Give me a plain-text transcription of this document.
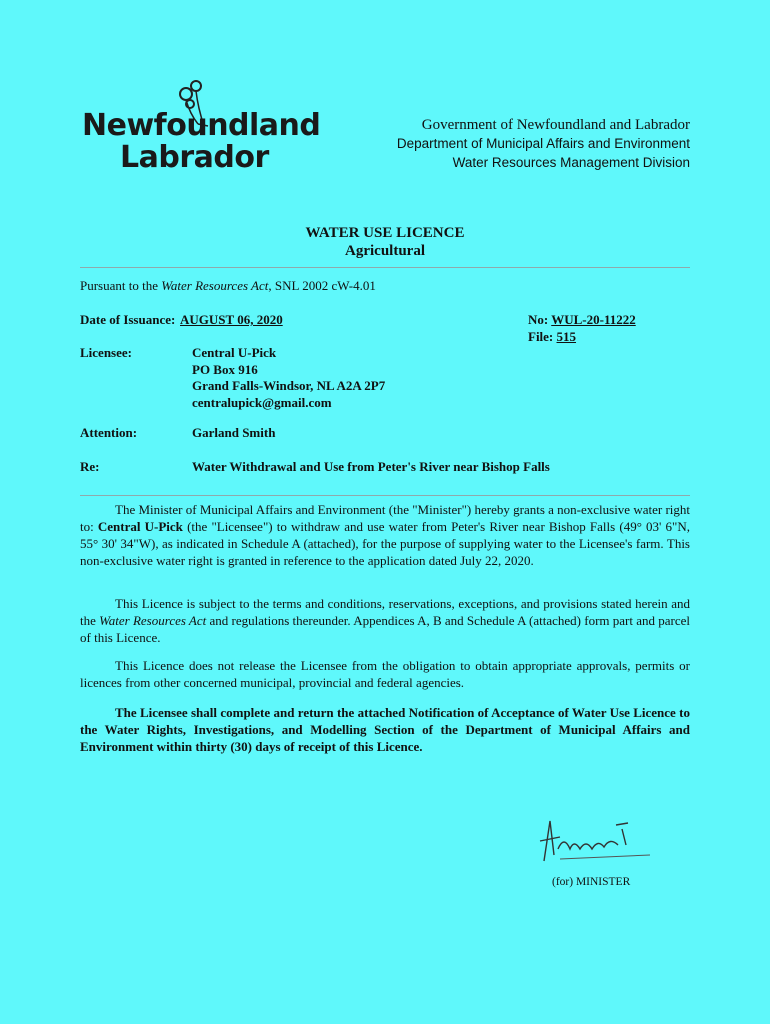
Newfoundland
Labrador
Government of Newfoundland and Labrador
Department of Municipal Affairs and Environment
Water Resources Management Division
WATER USE LICENCE
Agricultural
Pursuant to the Water Resources Act, SNL 2002 cW-4.01
Date of Issuance: AUGUST 06, 2020	No: WUL-20-11222
File: 515
Licensee:	Central U-Pick
PO Box 916
Grand Falls-Windsor, NL A2A 2P7
centralupick@gmail.com
Attention:	Garland Smith
Re:	Water Withdrawal and Use from Peter's River near Bishop Falls
The Minister of Municipal Affairs and Environment (the "Minister") hereby grants a non-exclusive water right to: Central U-Pick (the "Licensee") to withdraw and use water from Peter's River near Bishop Falls (49° 03' 6"N, 55° 30' 34"W), as indicated in Schedule A (attached), for the purpose of supplying water to the Licensee's farm. This non-exclusive water right is granted in reference to the application dated July 22, 2020.
This Licence is subject to the terms and conditions, reservations, exceptions, and provisions stated herein and the Water Resources Act and regulations thereunder. Appendices A, B and Schedule A (attached) form part and parcel of this Licence.
This Licence does not release the Licensee from the obligation to obtain appropriate approvals, permits or licences from other concerned municipal, provincial and federal agencies.
The Licensee shall complete and return the attached Notification of Acceptance of Water Use Licence to the Water Rights, Investigations, and Modelling Section of the Department of Municipal Affairs and Environment within thirty (30) days of receipt of this Licence.
(for) MINISTER
